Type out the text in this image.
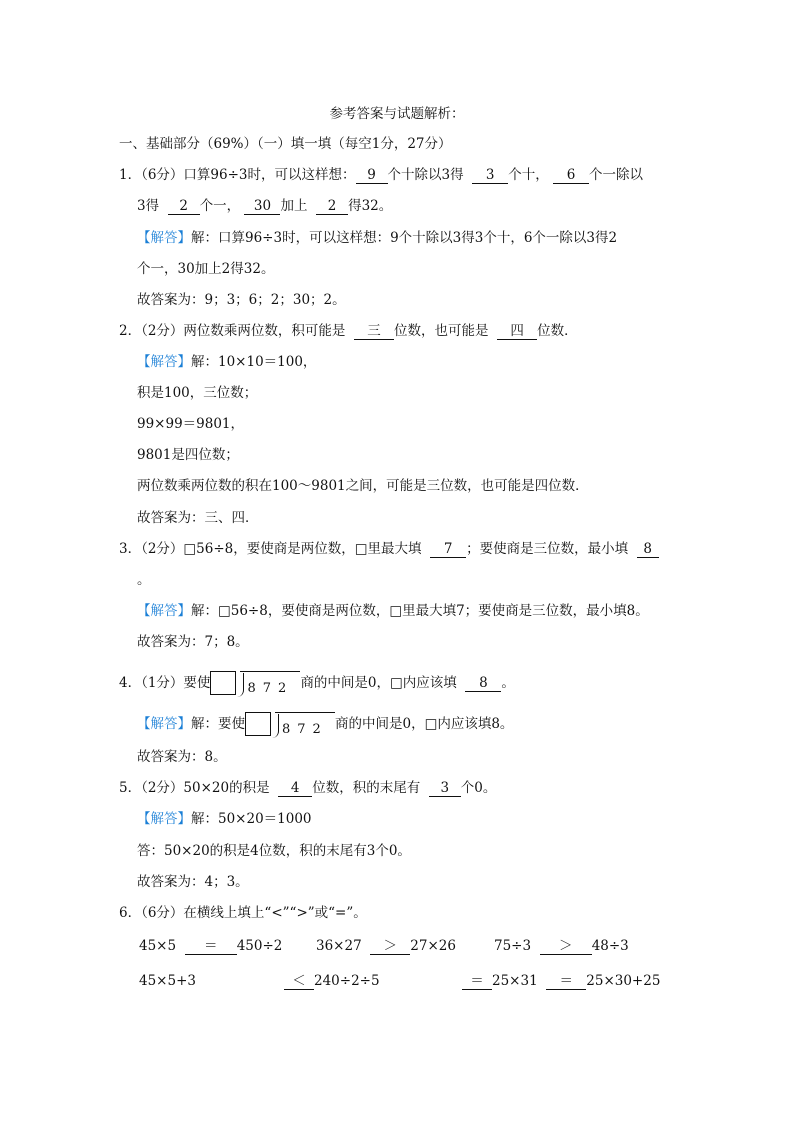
参考答案与试题解析：
一、基础部分（69%）（一）填一填（每空1分，27分）
1．（6分）口算96÷3时，可以这样想： 9 个十除以3得 3 个十， 6 个一除以
3得 2 个一， 30 加上 2 得32。
【解答】解：口算96÷3时，可以这样想：9个十除以3得3个十，6个一除以3得2
个一，30加上2得32。
故答案为：9；3；6；2；30；2。
2．（2分）两位数乘两位数，积可能是 三 位数，也可能是 四 位数．
【解答】解：10×10＝100，
积是100，三位数；
99×99＝9801，
9801是四位数；
两位数乘两位数的积在100～9801之间，可能是三位数，也可能是四位数．
故答案为：三、四．
3．（2分）□56÷8，要使商是两位数，□里最大填 7 ；要使商是三位数，最小填 8
。
【解答】解：□56÷8，要使商是两位数，□里最大填7；要使商是三位数，最小填8。
故答案为：7；8。
4．（1分）要使	872 商的中间是0，□内应该填 8 。
【解答】解：要使	872 商的中间是0，□内应该填8。
故答案为：8。
5．（2分）50×20的积是 4 位数，积的末尾有 3 个0。
【解答】解：50×20＝1000
答：50×20的积是4位数，积的末尾有3个0。
故答案为：4；3。
6．（6分）在横线上填上“<”“>”或“=”。
45×5 ＝ 450÷2 36×27 ＞ 27×26	75÷3 ＞ 48÷3
45×5+3	＜ 240÷2÷5	＝ 25×31 ＝ 25×30+25
